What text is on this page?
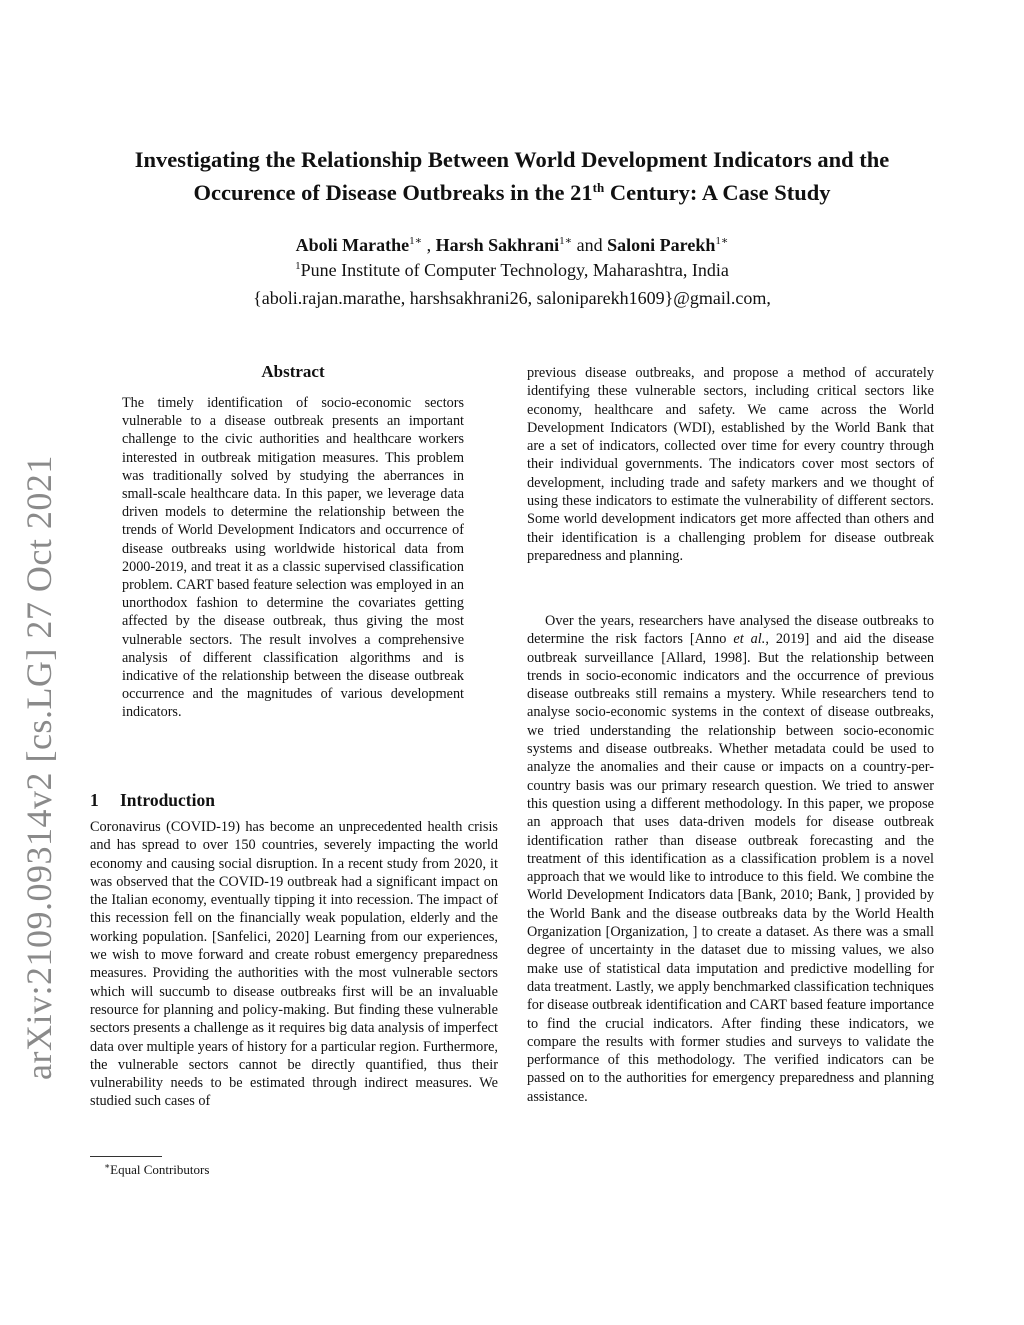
arXiv:2109.09314v2 [cs.LG] 27 Oct 2021
Investigating the Relationship Between World Development Indicators and the
Occurence of Disease Outbreaks in the 21th Century: A Case Study
Aboli Marathe$^{1∗}$ , Harsh Sakhrani$^{1∗}$ and Saloni Parekh$^{1∗}$
$^1$Pune Institute of Computer Technology, Maharashtra, India
{aboli.rajan.marathe, harshsakhrani26, saloniparekh1609}@gmail.com,
Abstract
The timely identification of socio-economic sectors vulnerable to a disease outbreak presents an important challenge to the civic authorities and healthcare workers interested in outbreak mitigation measures. This problem was traditionally solved by studying the aberrances in small-scale healthcare data. In this paper, we leverage data driven models to determine the relationship between the trends of World Development Indicators and occurrence of disease outbreaks using worldwide historical data from 2000-2019, and treat it as a classic supervised classification problem. CART based feature selection was employed in an unorthodox fashion to determine the covariates getting affected by the disease outbreak, thus giving the most vulnerable sectors. The result involves a comprehensive analysis of different classification algorithms and is indicative of the relationship between the disease outbreak occurrence and the magnitudes of various development indicators.
1 Introduction
Coronavirus (COVID-19) has become an unprecedented health crisis and has spread to over 150 countries, severely impacting the world economy and causing social disruption. In a recent study from 2020, it was observed that the COVID-19 outbreak had a significant impact on the Italian economy, eventually tipping it into recession. The impact of this recession fell on the financially weak population, elderly and the working population. [Sanfelici, 2020] Learning from our experiences, we wish to move forward and create robust emergency preparedness measures. Providing the authorities with the most vulnerable sectors which will succumb to disease outbreaks first will be an invaluable resource for planning and policy-making. But finding these vulnerable sectors presents a challenge as it requires big data analysis of imperfect data over multiple years of history for a particular region. Furthermore, the vulnerable sectors cannot be directly quantified, thus their vulnerability needs to be estimated through indirect measures. We studied such cases of
∗Equal Contributors
previous disease outbreaks, and propose a method of accurately identifying these vulnerable sectors, including critical sectors like economy, healthcare and safety. We came across the World Development Indicators (WDI), established by the World Bank that are a set of indicators, collected over time for every country through their individual governments. The indicators cover most sectors of development, including trade and safety markers and we thought of using these indicators to estimate the vulnerability of different sectors. Some world development indicators get more affected than others and their identification is a challenging problem for disease outbreak preparedness and planning.

Over the years, researchers have analysed the disease outbreaks to determine the risk factors [Anno et al., 2019] and aid the disease outbreak surveillance [Allard, 1998]. But the relationship between trends in socio-economic indicators and the occurrence of previous disease outbreaks still remains a mystery. While researchers tend to analyse socio-economic systems in the context of disease outbreaks, we tried understanding the relationship between socio-economic systems and disease outbreaks. Whether metadata could be used to analyze the anomalies and their cause or impacts on a country-per-country basis was our primary research question. We tried to answer this question using a different methodology. In this paper, we propose an approach that uses data-driven models for disease outbreak identification rather than disease outbreak forecasting and the treatment of this identification as a classification problem is a novel approach that we would like to introduce to this field. We combine the World Development Indicators data [Bank, 2010; Bank, ] provided by the World Bank and the disease outbreaks data by the World Health Organization [Organization, ] to create a dataset. As there was a small degree of uncertainty in the dataset due to missing values, we also make use of statistical data imputation and predictive modelling for data treatment. Lastly, we apply benchmarked classification techniques for disease outbreak identification and CART based feature importance to find the crucial indicators. After finding these indicators, we compare the results with former studies and surveys to validate the performance of this methodology. The verified indicators can be passed on to the authorities for emergency preparedness and planning assistance.
